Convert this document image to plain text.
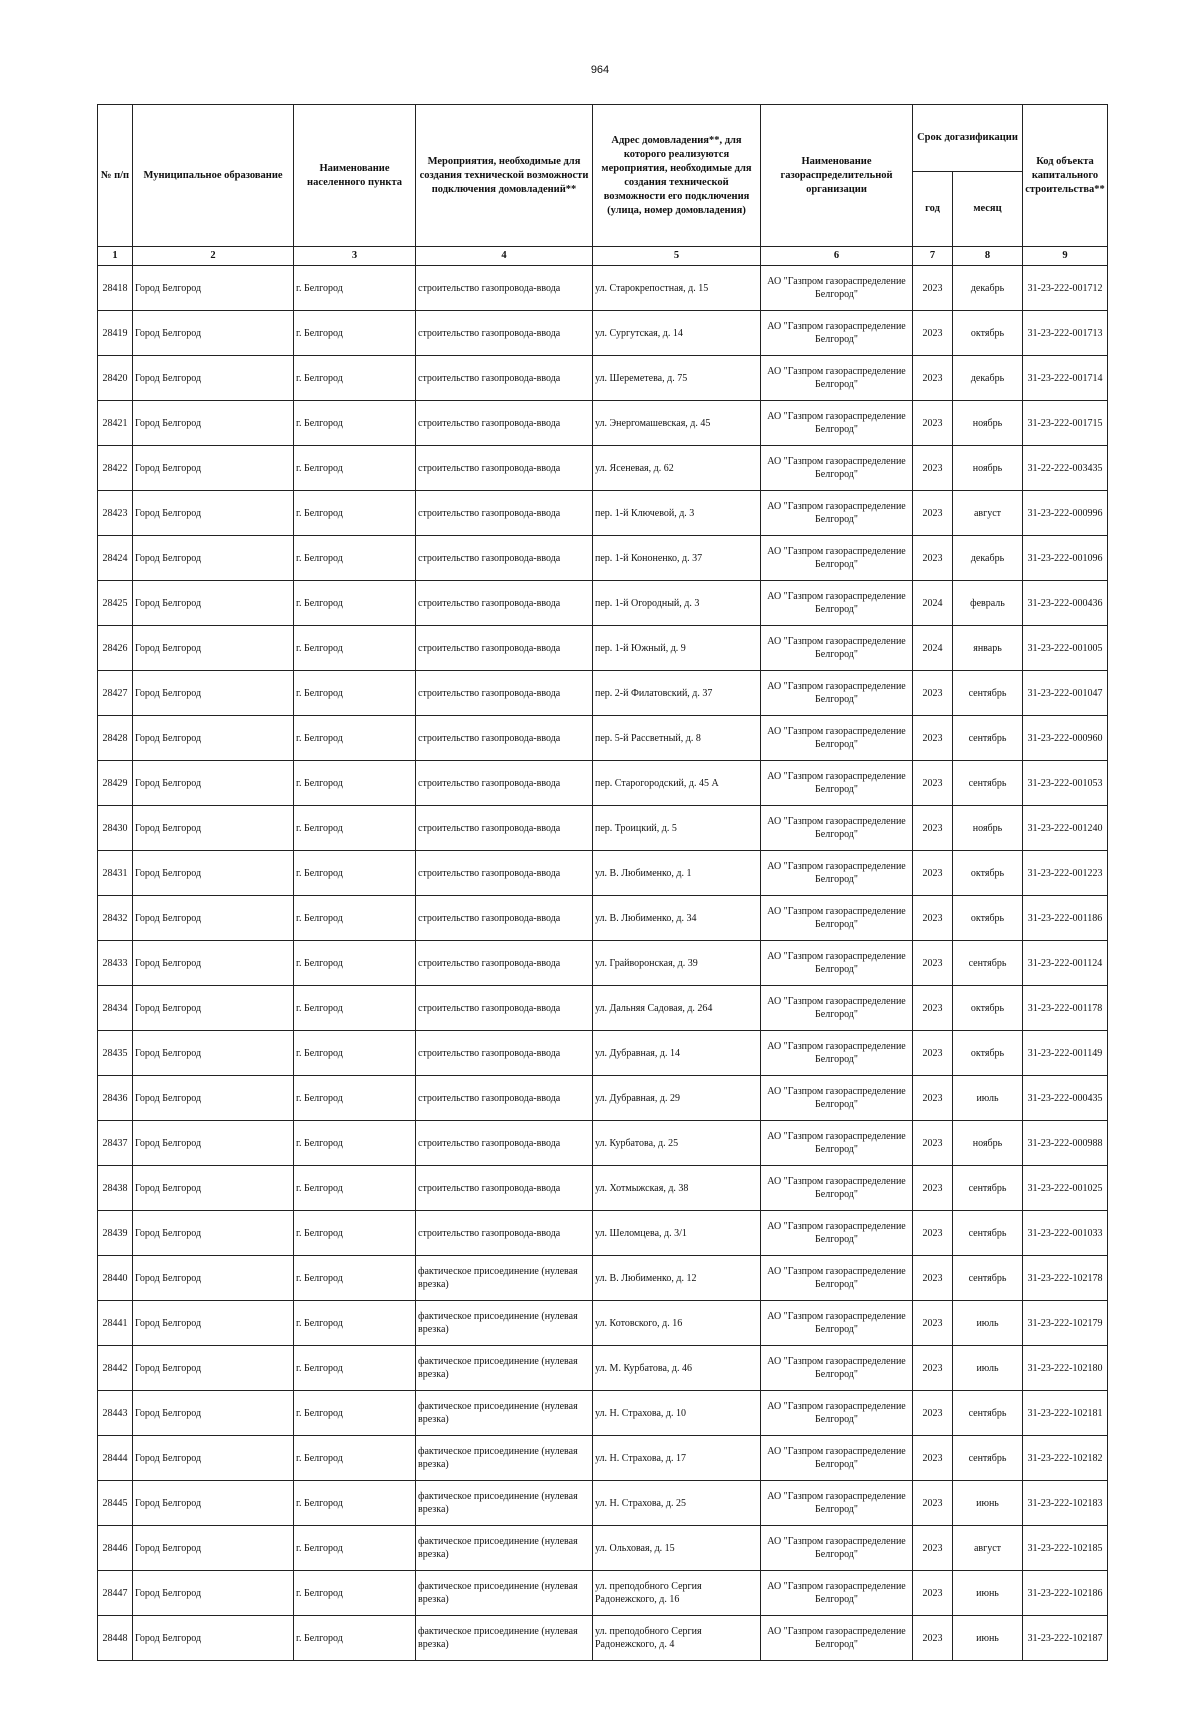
964
№ п/п	Муниципальное образование	Наименование населенного пункта	Мероприятия, необходимые для создания технической возможности подключения домовладений**	Адрес домовладения**, для которого реализуются мероприятия, необходимые для создания технической возможности его подключения (улица, номер домовладения)	Наименование газораспределительной организации	Срок догазификации		Код объекта капитального строительства**
						год	месяц	
1	2	3	4	5	6	7	8	9
28418	Город Белгород	г. Белгород	строительство газопровода-ввода	ул. Старокрепостная, д. 15	АО "Газпром газораспределение Белгород"	2023	декабрь	31-23-222-001712
28419	Город Белгород	г. Белгород	строительство газопровода-ввода	ул. Сургутская, д. 14	АО "Газпром газораспределение Белгород"	2023	октябрь	31-23-222-001713
28420	Город Белгород	г. Белгород	строительство газопровода-ввода	ул. Шереметева, д. 75	АО "Газпром газораспределение Белгород"	2023	декабрь	31-23-222-001714
28421	Город Белгород	г. Белгород	строительство газопровода-ввода	ул. Энергомашевская, д. 45	АО "Газпром газораспределение Белгород"	2023	ноябрь	31-23-222-001715
28422	Город Белгород	г. Белгород	строительство газопровода-ввода	ул. Ясеневая, д. 62	АО "Газпром газораспределение Белгород"	2023	ноябрь	31-22-222-003435
28423	Город Белгород	г. Белгород	строительство газопровода-ввода	пер. 1-й Ключевой, д. 3	АО "Газпром газораспределение Белгород"	2023	август	31-23-222-000996
28424	Город Белгород	г. Белгород	строительство газопровода-ввода	пер. 1-й Кононенко, д. 37	АО "Газпром газораспределение Белгород"	2023	декабрь	31-23-222-001096
28425	Город Белгород	г. Белгород	строительство газопровода-ввода	пер. 1-й Огородный, д. 3	АО "Газпром газораспределение Белгород"	2024	февраль	31-23-222-000436
28426	Город Белгород	г. Белгород	строительство газопровода-ввода	пер. 1-й Южный, д. 9	АО "Газпром газораспределение Белгород"	2024	январь	31-23-222-001005
28427	Город Белгород	г. Белгород	строительство газопровода-ввода	пер. 2-й Филатовский, д. 37	АО "Газпром газораспределение Белгород"	2023	сентябрь	31-23-222-001047
28428	Город Белгород	г. Белгород	строительство газопровода-ввода	пер. 5-й Рассветный, д. 8	АО "Газпром газораспределение Белгород"	2023	сентябрь	31-23-222-000960
28429	Город Белгород	г. Белгород	строительство газопровода-ввода	пер. Старогородский, д. 45 А	АО "Газпром газораспределение Белгород"	2023	сентябрь	31-23-222-001053
28430	Город Белгород	г. Белгород	строительство газопровода-ввода	пер. Троицкий, д. 5	АО "Газпром газораспределение Белгород"	2023	ноябрь	31-23-222-001240
28431	Город Белгород	г. Белгород	строительство газопровода-ввода	ул. В. Любименко, д. 1	АО "Газпром газораспределение Белгород"	2023	октябрь	31-23-222-001223
28432	Город Белгород	г. Белгород	строительство газопровода-ввода	ул. В. Любименко, д. 34	АО "Газпром газораспределение Белгород"	2023	октябрь	31-23-222-001186
28433	Город Белгород	г. Белгород	строительство газопровода-ввода	ул. Грайворонская, д. 39	АО "Газпром газораспределение Белгород"	2023	сентябрь	31-23-222-001124
28434	Город Белгород	г. Белгород	строительство газопровода-ввода	ул. Дальняя Садовая, д. 264	АО "Газпром газораспределение Белгород"	2023	октябрь	31-23-222-001178
28435	Город Белгород	г. Белгород	строительство газопровода-ввода	ул. Дубравная, д. 14	АО "Газпром газораспределение Белгород"	2023	октябрь	31-23-222-001149
28436	Город Белгород	г. Белгород	строительство газопровода-ввода	ул. Дубравная, д. 29	АО "Газпром газораспределение Белгород"	2023	июль	31-23-222-000435
28437	Город Белгород	г. Белгород	строительство газопровода-ввода	ул. Курбатова, д. 25	АО "Газпром газораспределение Белгород"	2023	ноябрь	31-23-222-000988
28438	Город Белгород	г. Белгород	строительство газопровода-ввода	ул. Хотмыжская, д. 38	АО "Газпром газораспределение Белгород"	2023	сентябрь	31-23-222-001025
28439	Город Белгород	г. Белгород	строительство газопровода-ввода	ул. Шеломцева, д. 3/1	АО "Газпром газораспределение Белгород"	2023	сентябрь	31-23-222-001033
28440	Город Белгород	г. Белгород	фактическое присоединение (нулевая врезка)	ул. В. Любименко, д. 12	АО "Газпром газораспределение Белгород"	2023	сентябрь	31-23-222-102178
28441	Город Белгород	г. Белгород	фактическое присоединение (нулевая врезка)	ул. Котовского, д. 16	АО "Газпром газораспределение Белгород"	2023	июль	31-23-222-102179
28442	Город Белгород	г. Белгород	фактическое присоединение (нулевая врезка)	ул. М. Курбатова, д. 46	АО "Газпром газораспределение Белгород"	2023	июль	31-23-222-102180
28443	Город Белгород	г. Белгород	фактическое присоединение (нулевая врезка)	ул. Н. Страхова, д. 10	АО "Газпром газораспределение Белгород"	2023	сентябрь	31-23-222-102181
28444	Город Белгород	г. Белгород	фактическое присоединение (нулевая врезка)	ул. Н. Страхова, д. 17	АО "Газпром газораспределение Белгород"	2023	сентябрь	31-23-222-102182
28445	Город Белгород	г. Белгород	фактическое присоединение (нулевая врезка)	ул. Н. Страхова, д. 25	АО "Газпром газораспределение Белгород"	2023	июнь	31-23-222-102183
28446	Город Белгород	г. Белгород	фактическое присоединение (нулевая врезка)	ул. Ольховая, д. 15	АО "Газпром газораспределение Белгород"	2023	август	31-23-222-102185
28447	Город Белгород	г. Белгород	фактическое присоединение (нулевая врезка)	ул. преподобного Сергия Радонежского, д. 16	АО "Газпром газораспределение Белгород"	2023	июнь	31-23-222-102186
28448	Город Белгород	г. Белгород	фактическое присоединение (нулевая врезка)	ул. преподобного Сергия Радонежского, д. 4	АО "Газпром газораспределение Белгород"	2023	июнь	31-23-222-102187
